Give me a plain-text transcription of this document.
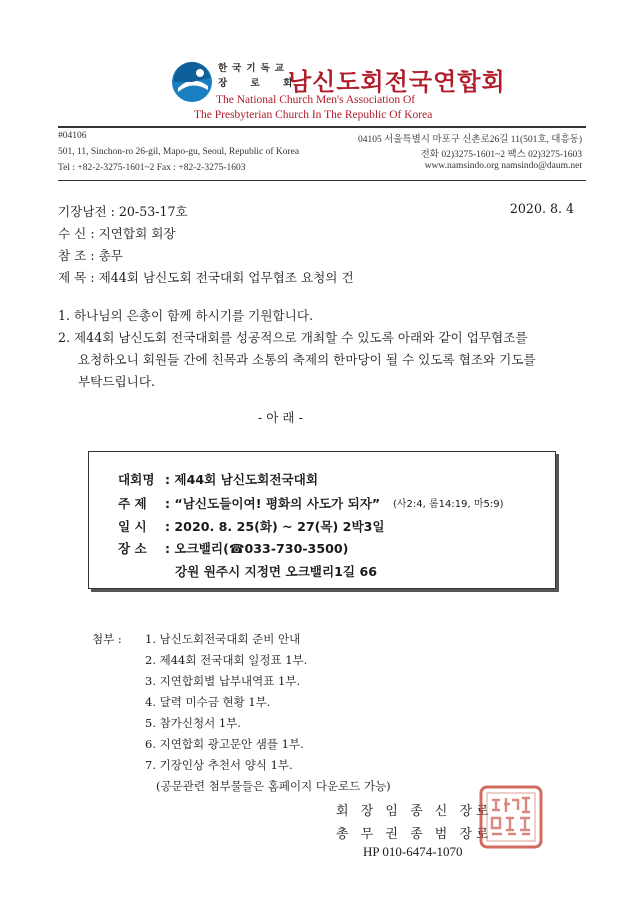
한국기독교
장 로 회
남신도회전국연합회
The National Church Men's Association Of
The Presbyterian Church In The Republic Of Korea
#04106
501, 11, Sinchon-ro 26-gil, Mapo-gu, Seoul, Republic of Korea
Tel : +82-2-3275-1601~2 Fax : +82-2-3275-1603
04105 서울특별시 마포구 신촌로26길 11(501호, 대흥동)
전화 02)3275-1601~2 팩스 02)3275-1603
www.namsindo.org namsindo@daum.net
기장남전 : 20-53-17호	2020. 8. 4
수 신 : 지연합회 회장
참 조 : 총무
제 목 : 제44회 남신도회 전국대회 업무협조 요청의 건
1. 하나님의 은총이 함께 하시기를 기원합니다.
2. 제44회 남신도회 전국대회를 성공적으로 개최할 수 있도록 아래와 같이 업무협조를
요청하오니 회원들 간에 친목과 소통의 축제의 한마당이 될 수 있도록 협조와 기도를
부탁드립니다.
- 아 래 -
대회명 : 제44회 남신도회전국대회
주 제 : “남신도들이여! 평화의 사도가 되자” (사2:4, 롬14:19, 마5:9)
일 시 : 2020. 8. 25(화) ~ 27(목) 2박3일
장 소 : 오크밸리(☎033-730-3500)
강원 원주시 지정면 오크밸리1길 66
첨부 : 1. 남신도회전국대회 준비 안내
2. 제44회 전국대회 일정표 1부.
3. 지연합회별 납부내역표 1부.
4. 달력 미수금 현황 1부.
5. 참가신청서 1부.
6. 지연합회 광고문안 샘플 1부.
7. 기장인상 추천서 양식 1부.
(공문관련 첨부물들은 홈페이지 다운로드 가능)
회 장 임 종 신 장로
총 무 권 종 범 장로
HP 010-6474-1070
